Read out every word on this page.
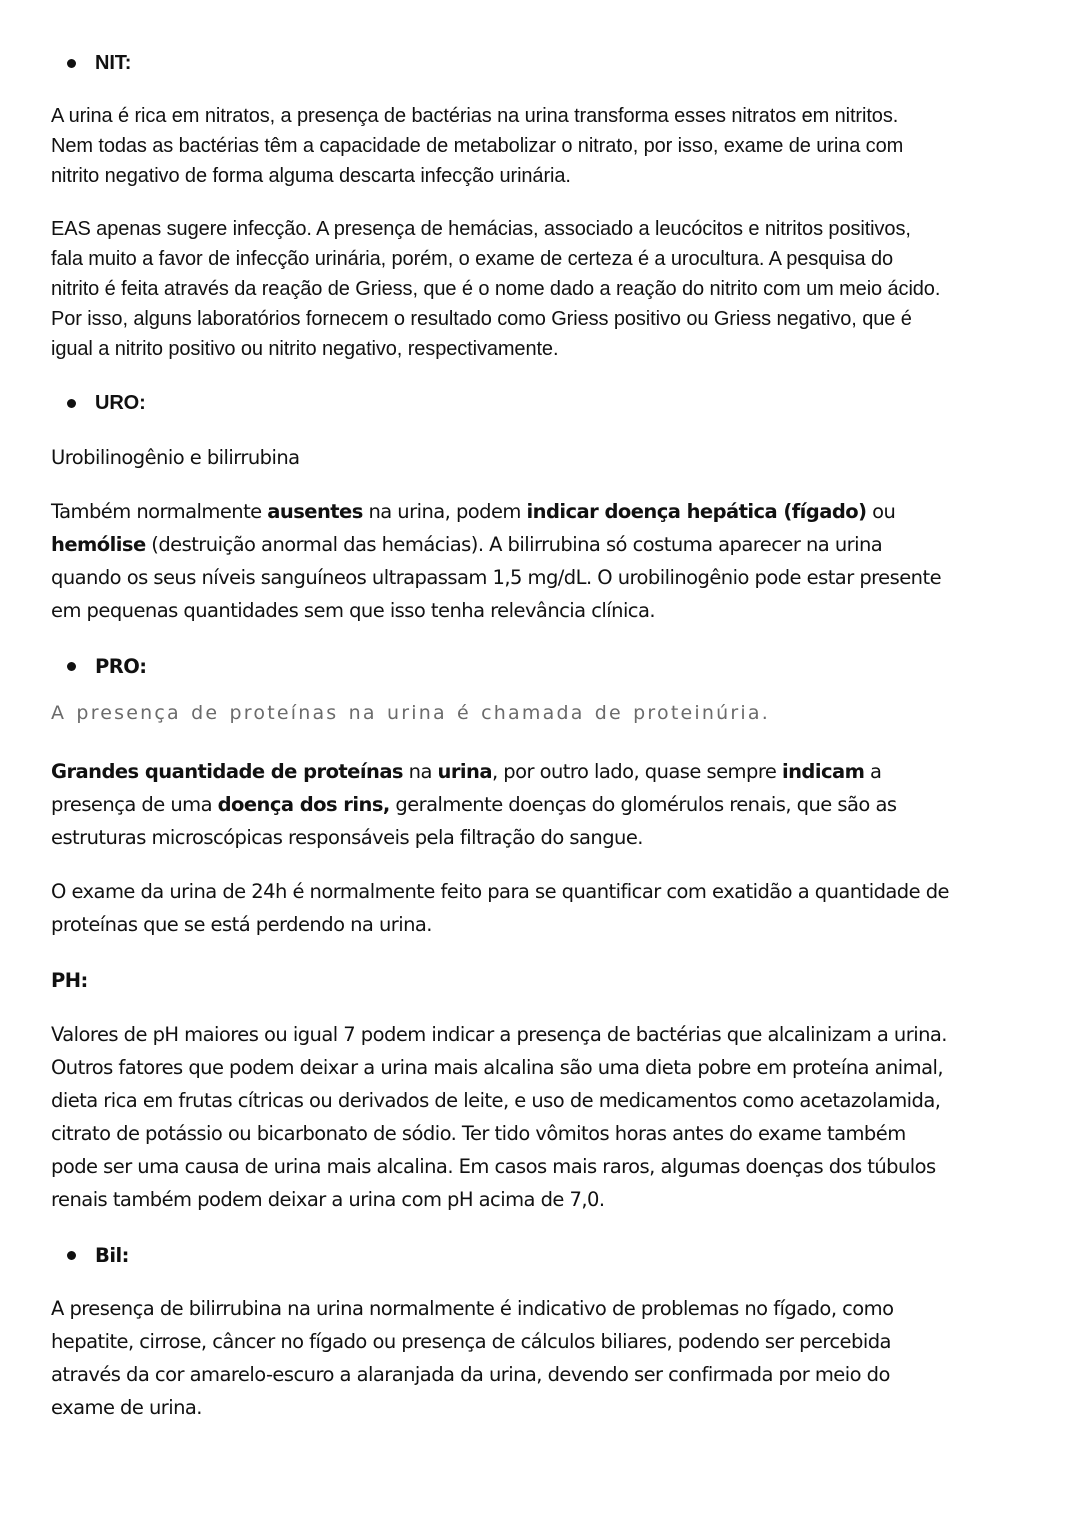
NIT:
A urina é rica em nitratos, a presença de bactérias na urina transforma esses nitratos em nitritos.
Nem todas as bactérias têm a capacidade de metabolizar o nitrato, por isso, exame de urina com
nitrito negativo de forma alguma descarta infecção urinária.
EAS apenas sugere infecção. A presença de hemácias, associado a leucócitos e nitritos positivos,
fala muito a favor de infecção urinária, porém, o exame de certeza é a urocultura. A pesquisa do
nitrito é feita através da reação de Griess, que é o nome dado a reação do nitrito com um meio ácido.
Por isso, alguns laboratórios fornecem o resultado como Griess positivo ou Griess negativo, que é
igual a nitrito positivo ou nitrito negativo, respectivamente.
URO:
Urobilinogênio e bilirrubina
Também normalmente ausentes na urina, podem indicar doença hepática (fígado) ou
hemólise (destruição anormal das hemácias). A bilirrubina só costuma aparecer na urina
quando os seus níveis sanguíneos ultrapassam 1,5 mg/dL. O urobilinogênio pode estar presente
em pequenas quantidades sem que isso tenha relevância clínica.
PRO:
A presença de proteínas na urina é chamada de proteinúria.
Grandes quantidade de proteínas na urina, por outro lado, quase sempre indicam a
presença de uma doença dos rins, geralmente doenças do glomérulos renais, que são as
estruturas microscópicas responsáveis pela filtração do sangue.
O exame da urina de 24h é normalmente feito para se quantificar com exatidão a quantidade de
proteínas que se está perdendo na urina.
PH:
Valores de pH maiores ou igual 7 podem indicar a presença de bactérias que alcalinizam a urina.
Outros fatores que podem deixar a urina mais alcalina são uma dieta pobre em proteína animal,
dieta rica em frutas cítricas ou derivados de leite, e uso de medicamentos como acetazolamida,
citrato de potássio ou bicarbonato de sódio. Ter tido vômitos horas antes do exame também
pode ser uma causa de urina mais alcalina. Em casos mais raros, algumas doenças dos túbulos
renais também podem deixar a urina com pH acima de 7,0.
Bil:
A presença de bilirrubina na urina normalmente é indicativo de problemas no fígado, como
hepatite, cirrose, câncer no fígado ou presença de cálculos biliares, podendo ser percebida
através da cor amarelo-escuro a alaranjada da urina, devendo ser confirmada por meio do
exame de urina.
